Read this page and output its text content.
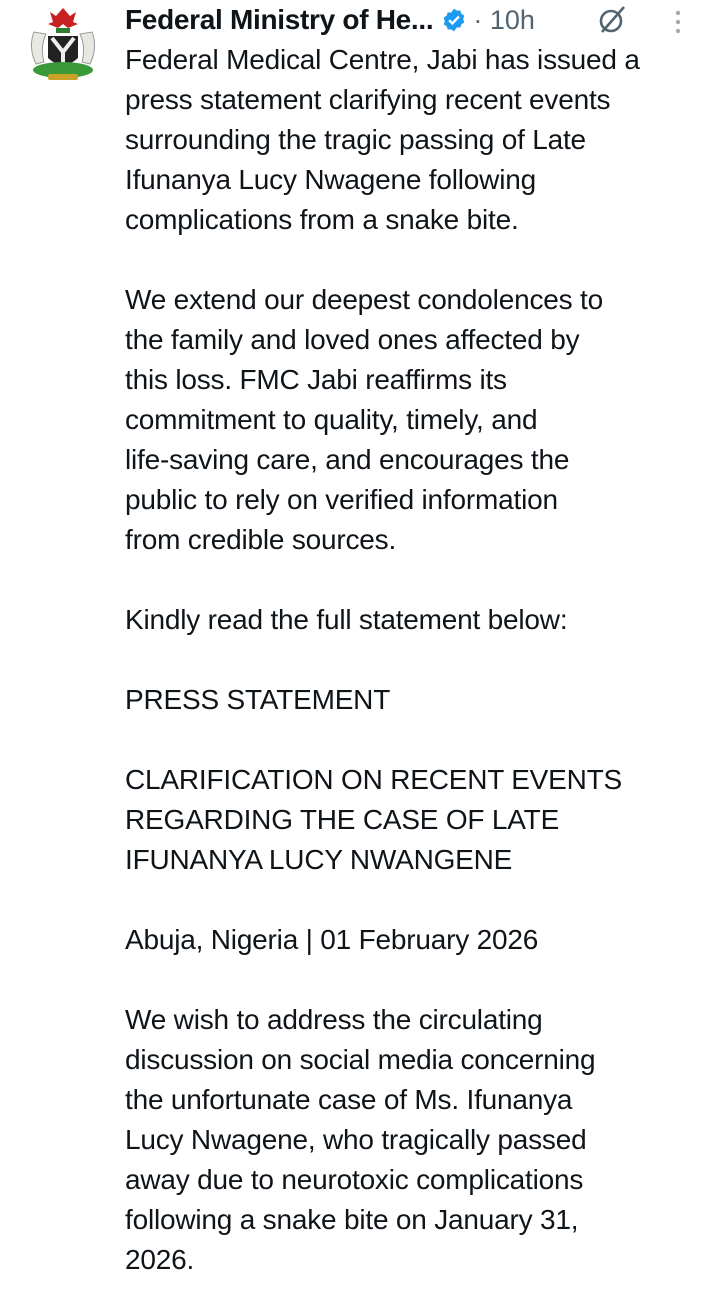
Federal Ministry of He... · 10h
Federal Medical Centre, Jabi has issued a
press statement clarifying recent events
surrounding the tragic passing of Late
Ifunanya Lucy Nwagene following
complications from a snake bite.
We extend our deepest condolences to
the family and loved ones affected by
this loss. FMC Jabi reaffirms its
commitment to quality, timely, and
life-saving care, and encourages the
public to rely on verified information
from credible sources.
Kindly read the full statement below:
PRESS STATEMENT
CLARIFICATION ON RECENT EVENTS
REGARDING THE CASE OF LATE
IFUNANYA LUCY NWANGENE
Abuja, Nigeria | 01 February 2026
We wish to address the circulating
discussion on social media concerning
the unfortunate case of Ms. Ifunanya
Lucy Nwagene, who tragically passed
away due to neurotoxic complications
following a snake bite on January 31,
2026.
